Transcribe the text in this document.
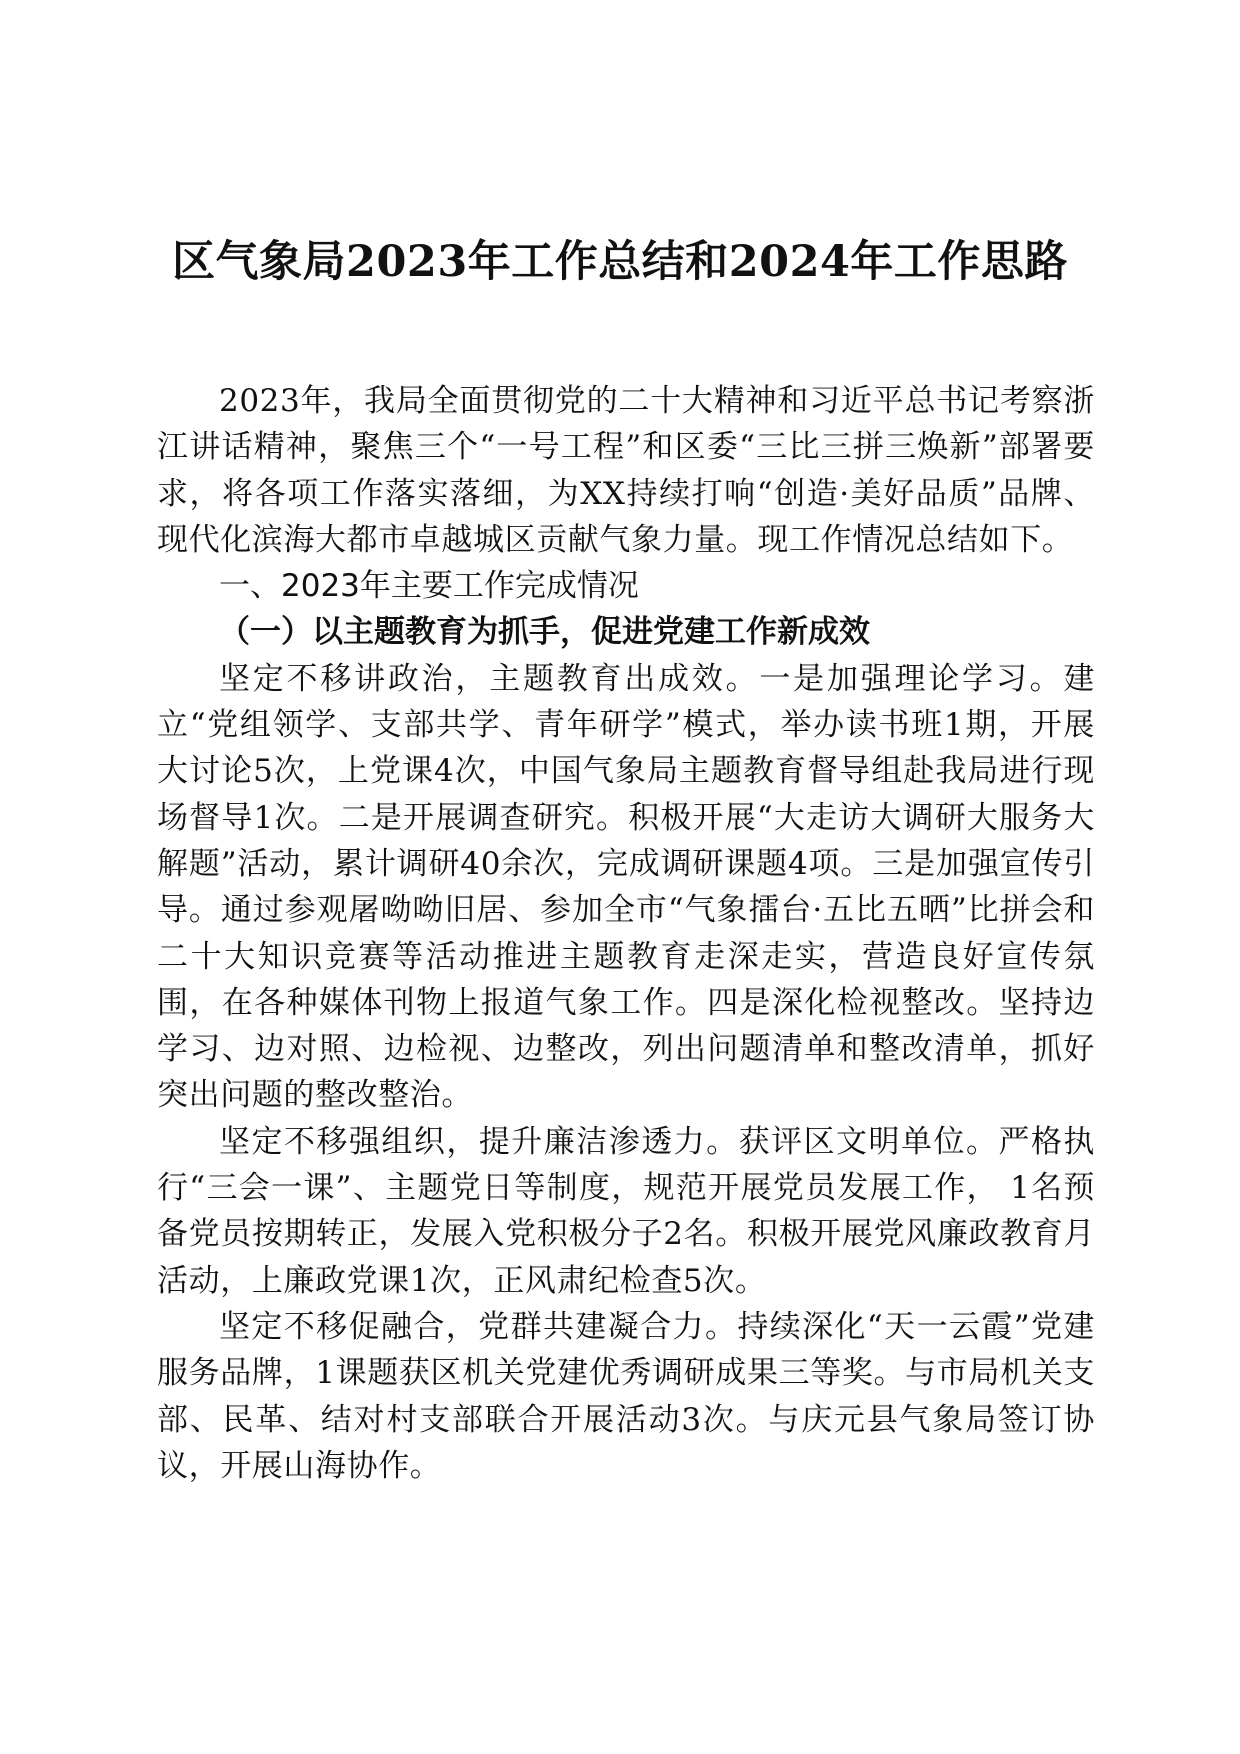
区气象局2023年工作总结和2024年工作思路

2023年，我局全面贯彻党的二十大精神和习近平总书记考察浙江讲话精神，聚焦三个“一号工程”和区委“三比三拼三焕新”部署要求，将各项工作落实落细，为XX持续打响“创造·美好品质”品牌、现代化滨海大都市卓越城区贡献气象力量。现工作情况总结如下。

一、2023年主要工作完成情况

（一）以主题教育为抓手，促进党建工作新成效

坚定不移讲政治，主题教育出成效。一是加强理论学习。建立“党组领学、支部共学、青年研学”模式，举办读书班1期，开展大讨论5次，上党课4次，中国气象局主题教育督导组赴我局进行现场督导1次。二是开展调查研究。积极开展“大走访大调研大服务大解题”活动，累计调研40余次，完成调研课题4项。三是加强宣传引导。通过参观屠呦呦旧居、参加全市“气象擂台·五比五晒”比拼会和二十大知识竞赛等活动推进主题教育走深走实，营造良好宣传氛围，在各种媒体刊物上报道气象工作。四是深化检视整改。坚持边学习、边对照、边检视、边整改，列出问题清单和整改清单，抓好突出问题的整改整治。

坚定不移强组织，提升廉洁渗透力。获评区文明单位。严格执行“三会一课”、主题党日等制度，规范开展党员发展工作， 1名预备党员按期转正，发展入党积极分子2名。积极开展党风廉政教育月活动，上廉政党课1次，正风肃纪检查5次。

坚定不移促融合，党群共建凝合力。持续深化“天一云霞”党建服务品牌，1课题获区机关党建优秀调研成果三等奖。与市局机关支部、民革、结对村支部联合开展活动3次。与庆元县气象局签订协议，开展山海协作。
